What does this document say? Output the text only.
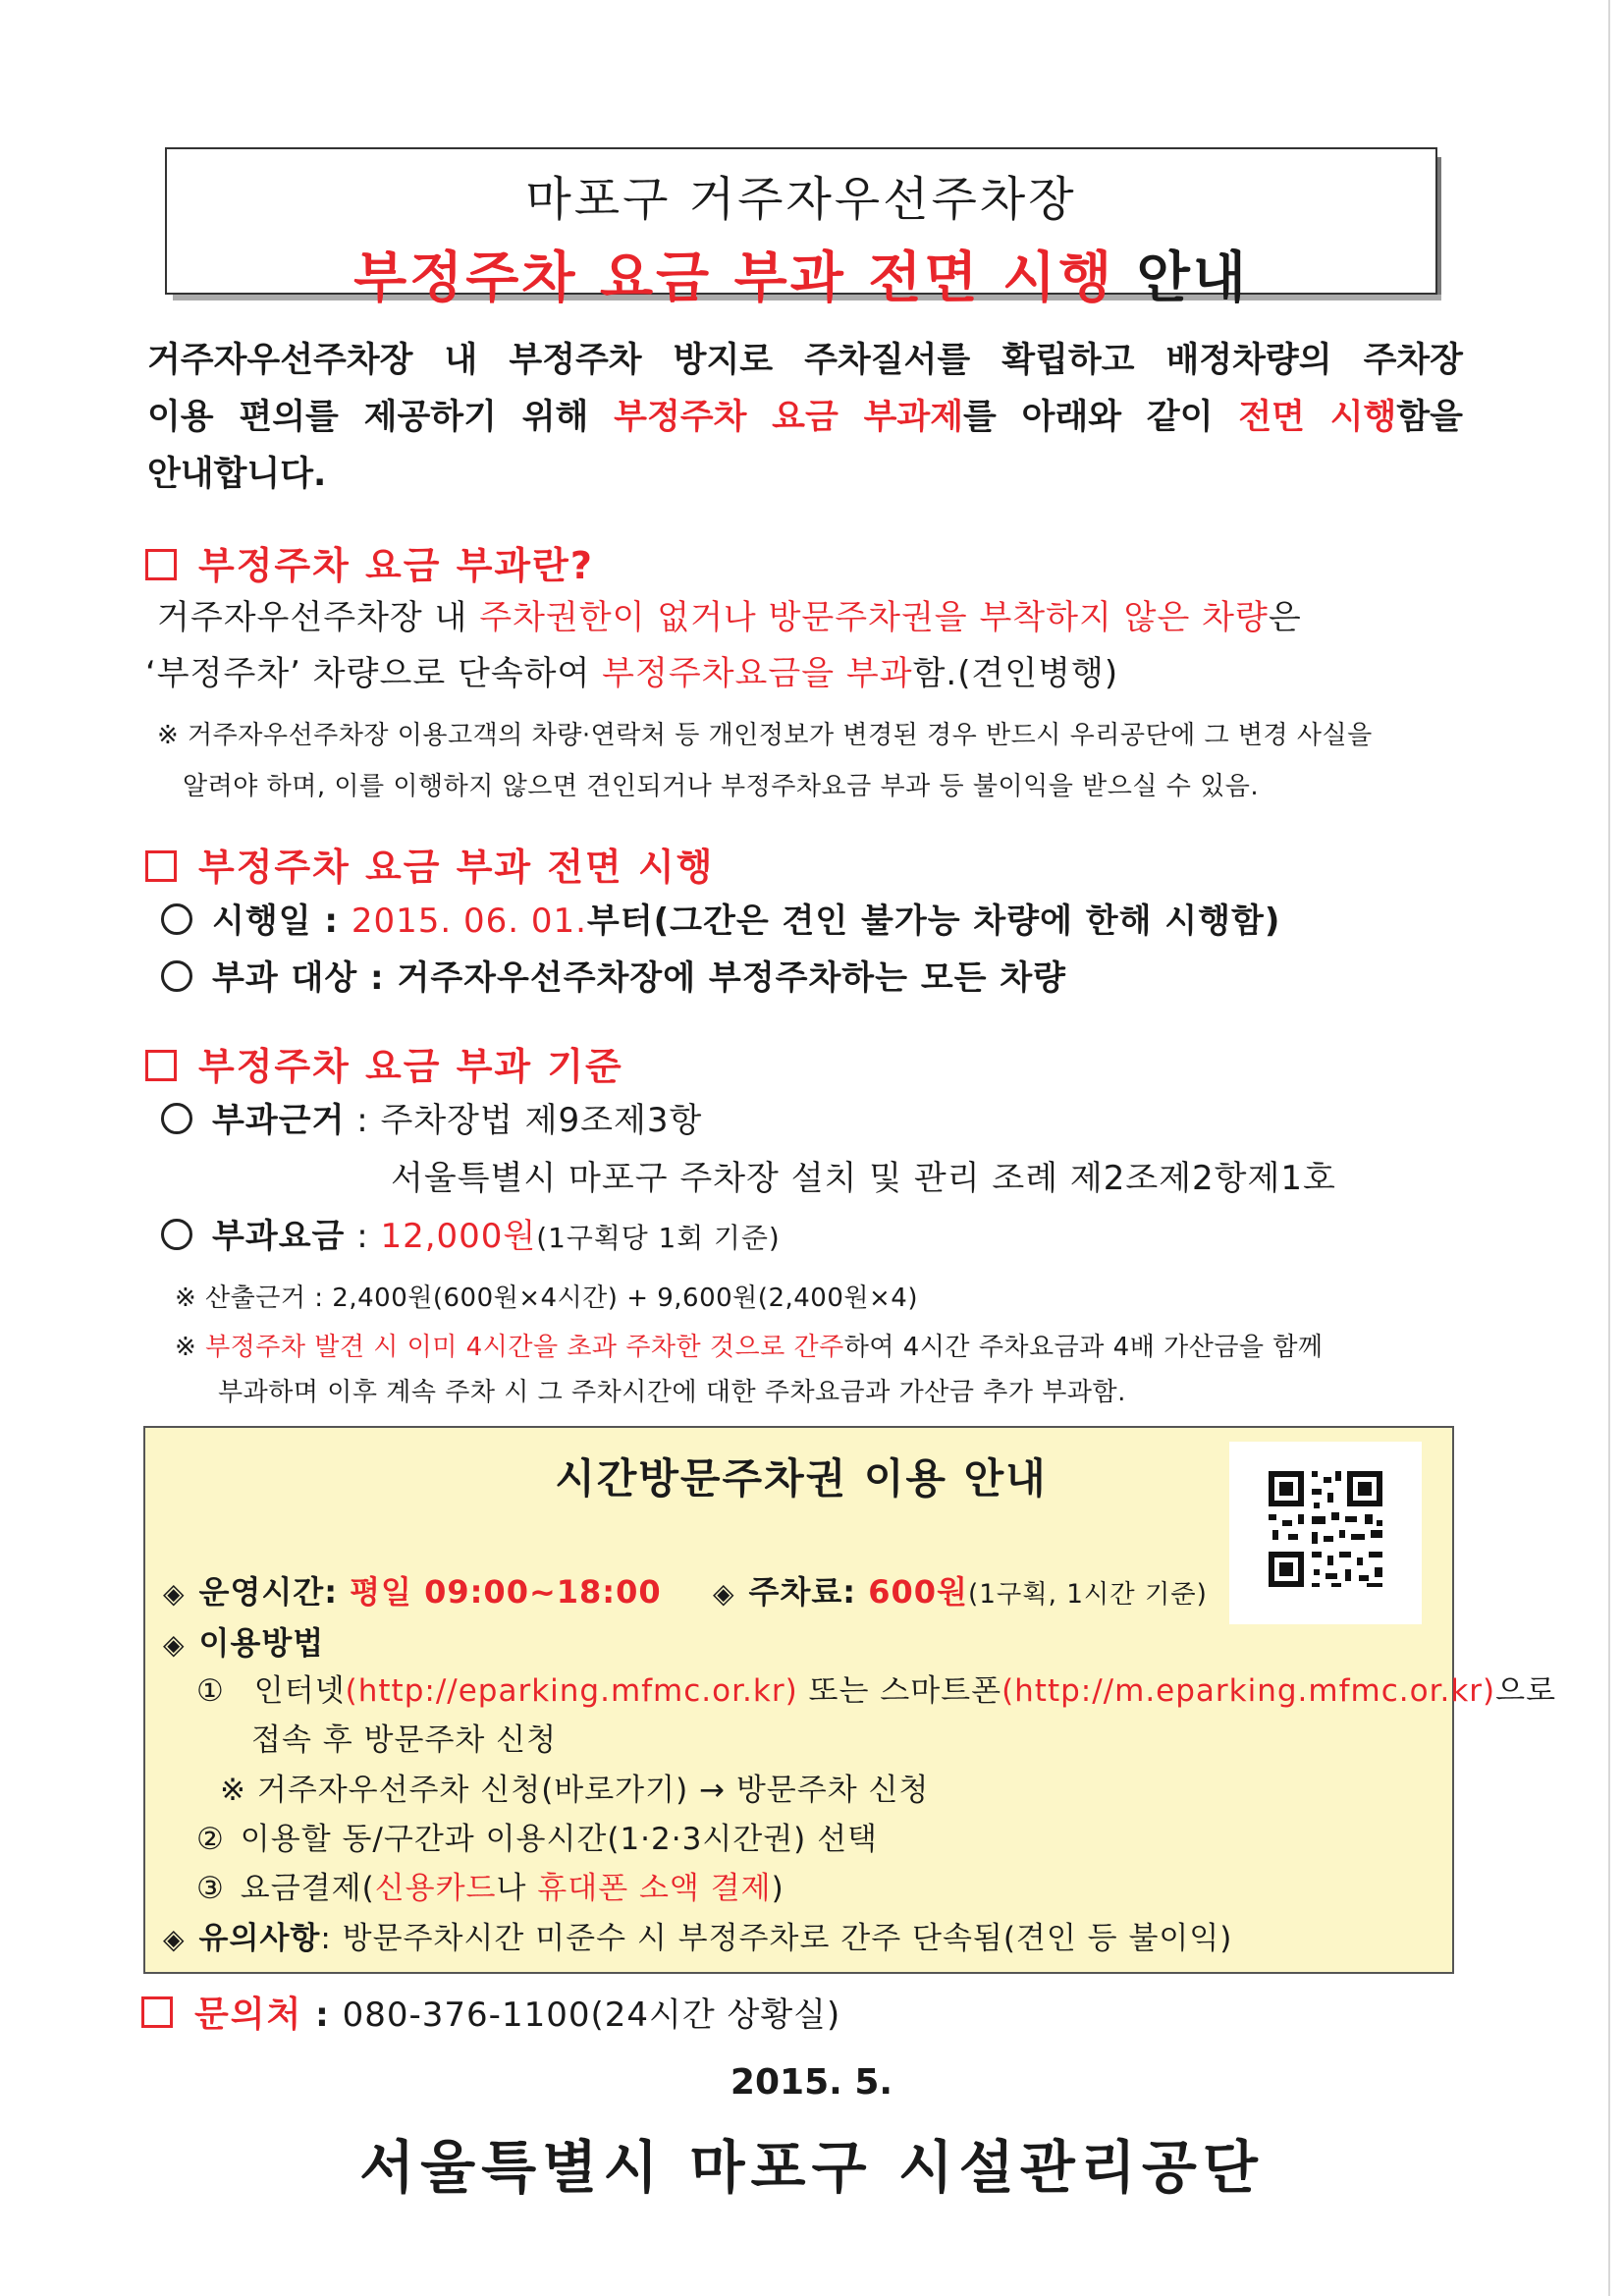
마포구 거주자우선주차장
부정주차 요금 부과 전면 시행 안내
거주자우선주차장 내 부정주차 방지로 주차질서를 확립하고 배정차량의 주차장
이용 편의를 제공하기 위해 부정주차 요금 부과제를 아래와 같이 전면 시행함을
안내합니다.
부정주차 요금 부과란?
거주자우선주차장 내 주차권한이 없거나 방문주차권을 부착하지 않은 차량은
‘부정주차’ 차량으로 단속하여 부정주차요금을 부과함.(견인병행)
※ 거주자우선주차장 이용고객의 차량·연락처 등 개인정보가 변경된 경우 반드시 우리공단에 그 변경 사실을
알려야 하며, 이를 이행하지 않으면 견인되거나 부정주차요금 부과 등 불이익을 받으실 수 있음.
부정주차 요금 부과 전면 시행
시행일 : 2015. 06. 01.부터(그간은 견인 불가능 차량에 한해 시행함)
부과 대상 : 거주자우선주차장에 부정주차하는 모든 차량
부정주차 요금 부과 기준
부과근거 : 주차장법 제9조제3항
서울특별시 마포구 주차장 설치 및 관리 조례 제2조제2항제1호
부과요금 : 12,000원(1구획당 1회 기준)
※ 산출근거 : 2,400원(600원×4시간) + 9,600원(2,400원×4)
※ 부정주차 발견 시 이미 4시간을 초과 주차한 것으로 간주하여 4시간 주차요금과 4배 가산금을 함께
부과하며 이후 계속 주차 시 그 주차시간에 대한 주차요금과 가산금 추가 부과함.
시간방문주차권 이용 안내
◈ 운영시간: 평일 09:00~18:00 ◈ 주차료: 600원(1구획, 1시간 기준)
◈ 이용방법
① 인터넷(http://eparking.mfmc.or.kr) 또는 스마트폰(http://m.eparking.mfmc.or.kr)으로
접속 후 방문주차 신청
※ 거주자우선주차 신청(바로가기) → 방문주차 신청
② 이용할 동/구간과 이용시간(1·2·3시간권) 선택
③ 요금결제(신용카드나 휴대폰 소액 결제)
◈ 유의사항: 방문주차시간 미준수 시 부정주차로 간주 단속됨(견인 등 불이익)
문의처 : 080-376-1100(24시간 상황실)
2015. 5.
서울특별시 마포구 시설관리공단
